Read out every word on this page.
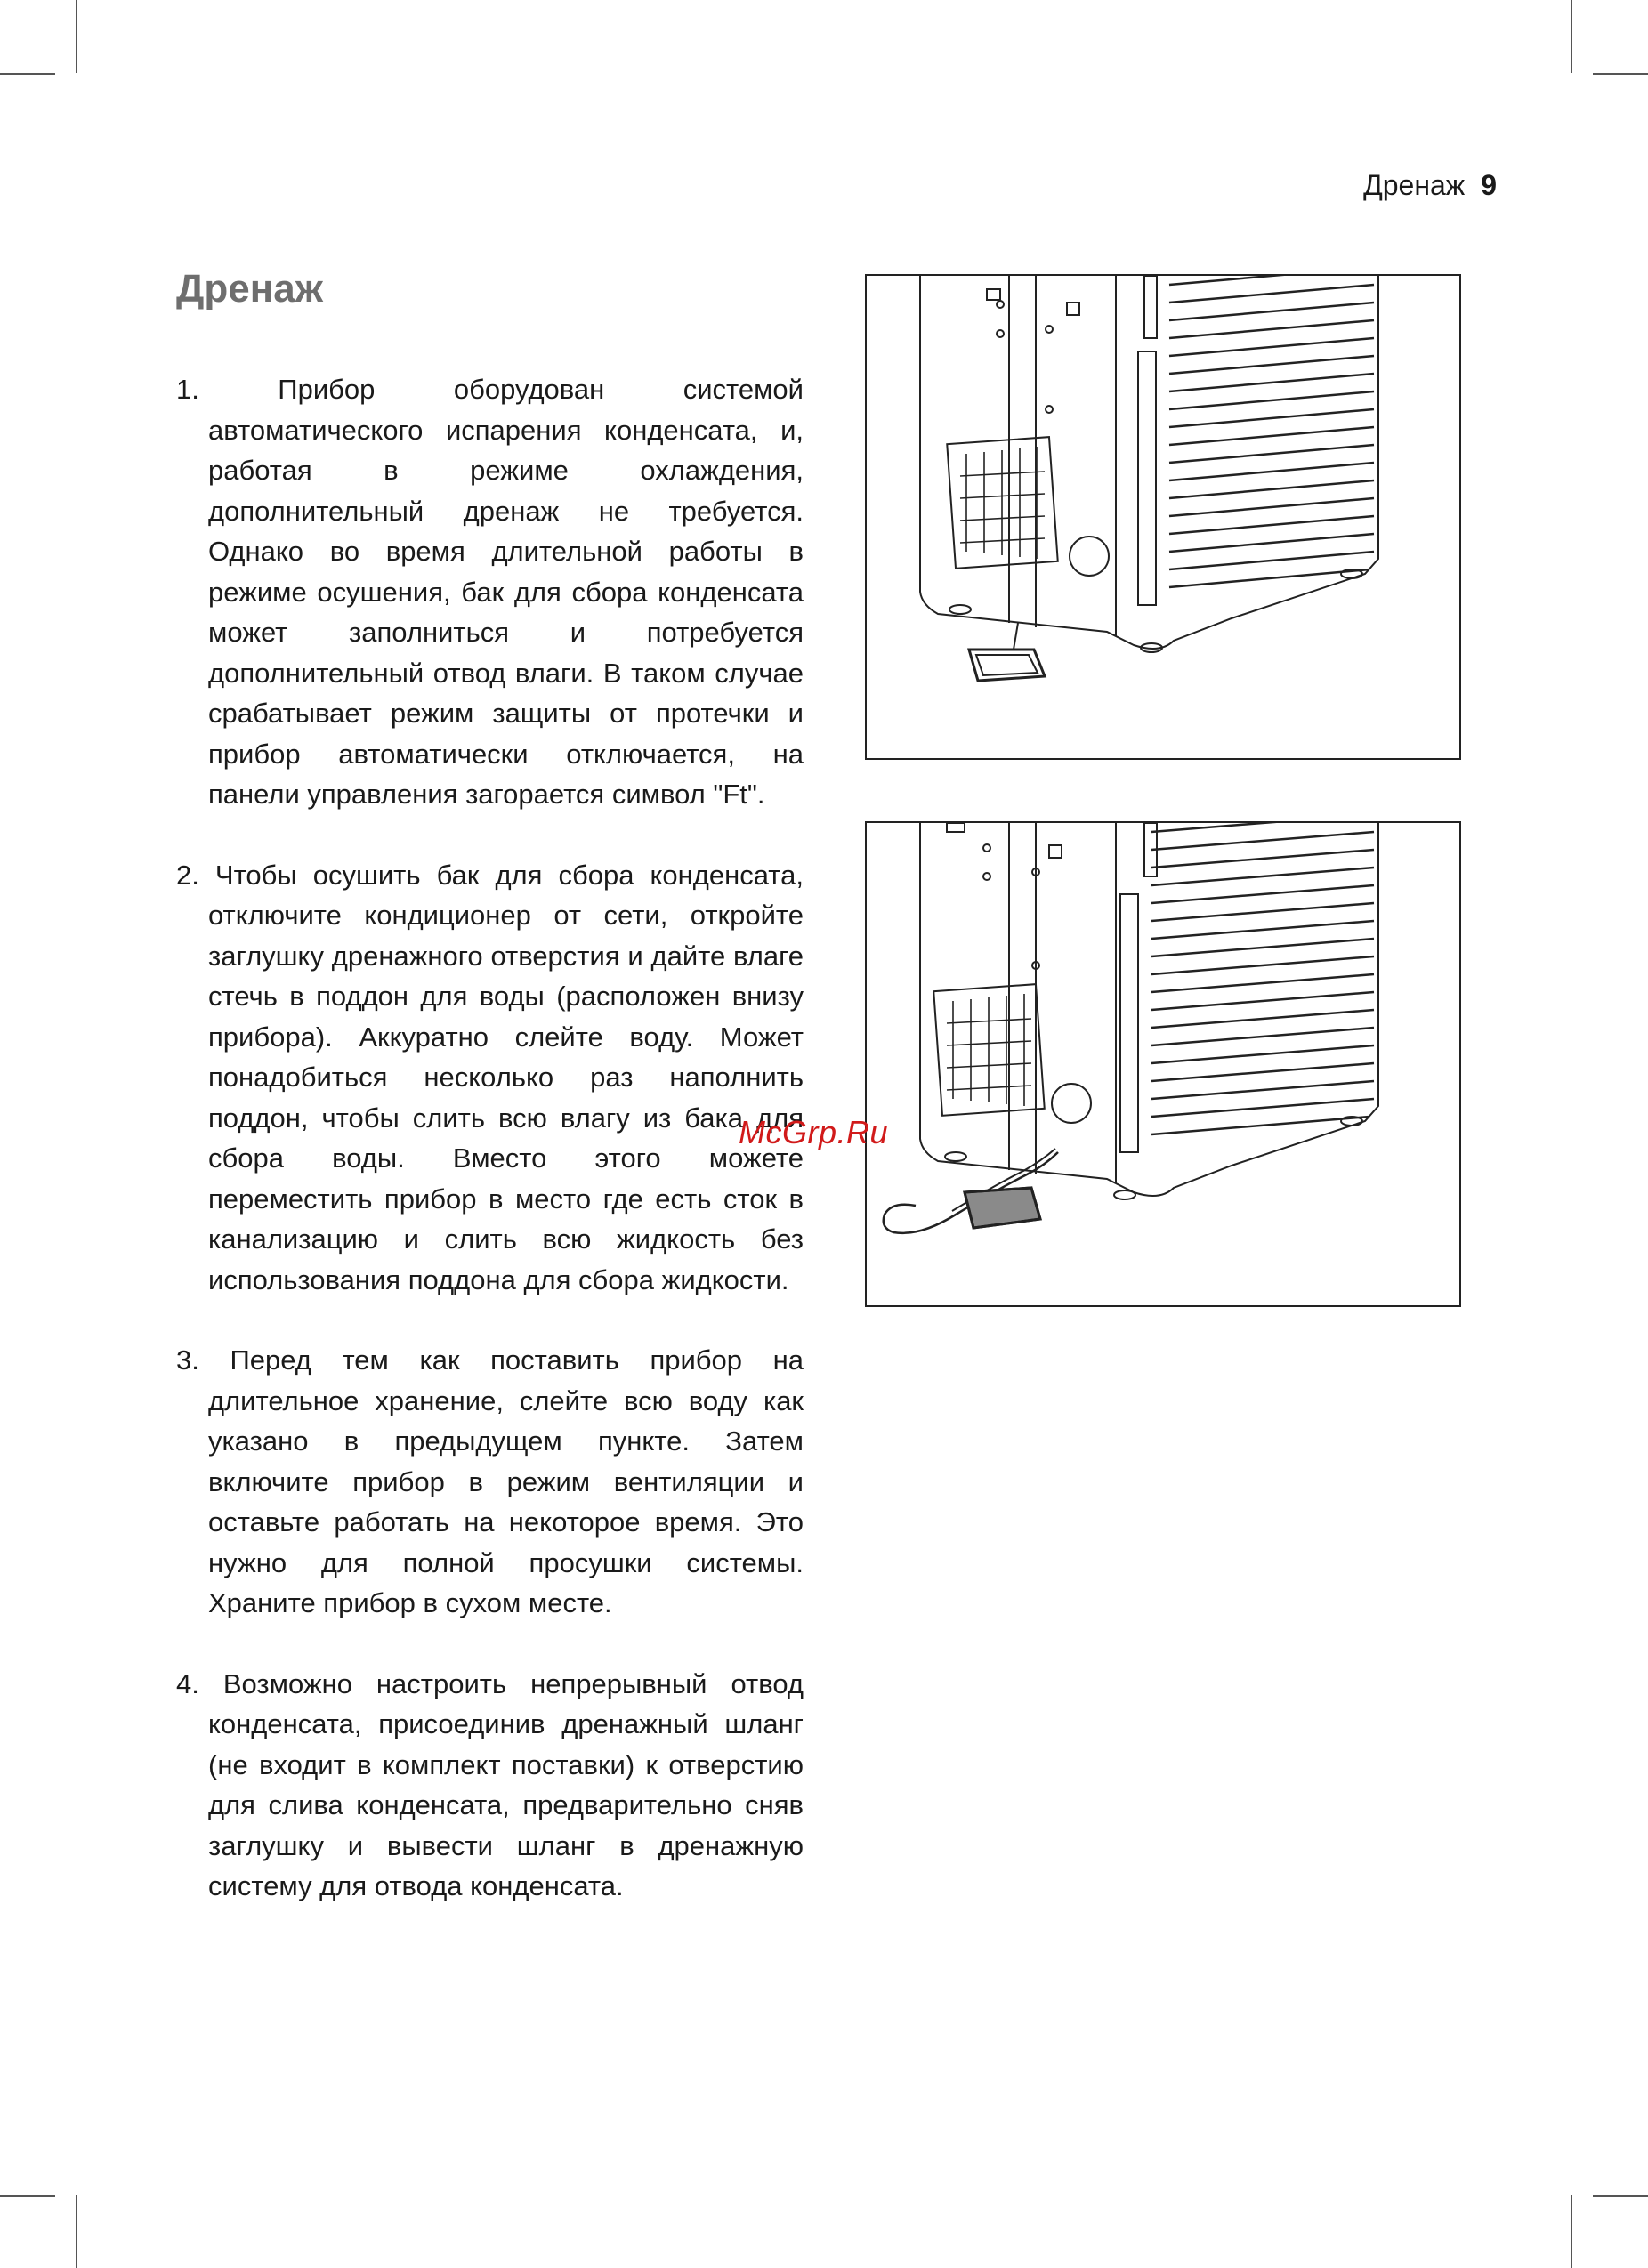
Дренаж 9
Дренаж

1. Прибор оборудован системой автоматического испарения конденсата, и, работая в режиме охлаждения, дополнительный дренаж не требуется. Однако во время длительной работы в режиме осушения, бак для сбора конденсата может заполниться и потребуется дополнительный отвод влаги. В таком случае срабатывает режим защиты от протечки и прибор автоматически отключается, на панели управления загорается символ "Ft".

2. Чтобы осушить бак для сбора конденсата, отключите кондиционер от сети, откройте заглушку дренажного отверстия и дайте влаге стечь в поддон для воды (расположен внизу прибора). Аккуратно слейте воду. Может понадобиться несколько раз наполнить поддон, чтобы слить всю влагу из бака для сбора воды. Вместо этого можете переместить прибор в место где есть сток в канализацию и слить всю жидкость без использования поддона для сбора жидкости.

3. Перед тем как поставить прибор на длительное хранение, слейте всю воду как указано в предыдущем пункте. Затем включите прибор в режим вентиляции и оставьте работать на некоторое время. Это нужно для полной просушки системы. Храните прибор в сухом месте.

4. Возможно настроить непрерывный отвод конденсата, присоединив дренажный шланг (не входит в комплект поставки) к отверстию для слива конденсата, предварительно сняв заглушку и вывести шланг в дренажную систему для отвода конденсата.

McGrp.Ru
